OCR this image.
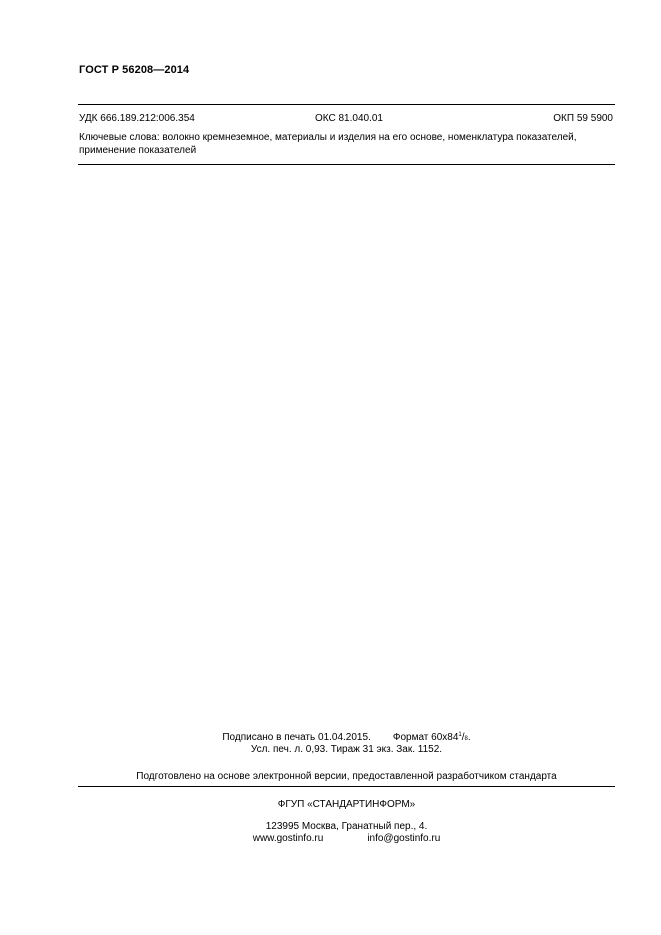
ГОСТ Р 56208—2014
УДК 666.189.212:006.354	ОКС 81.040.01	ОКП 59 5900
Ключевые слова: волокно кремнеземное, материалы и изделия на его основе, номенклатура показателей, применение показателей
Подписано в печать 01.04.2015. Формат $60х84^1/8$.
Усл. печ. л. 0,93. Тираж 31 экз. Зак. 1152.
Подготовлено на основе электронной версии, предоставленной разработчиком стандарта
ФГУП «СТАНДАРТИНФОРМ»
123995 Москва, Гранатный пер., 4.
www.gostinfo.ru	info@gostinfo.ru
